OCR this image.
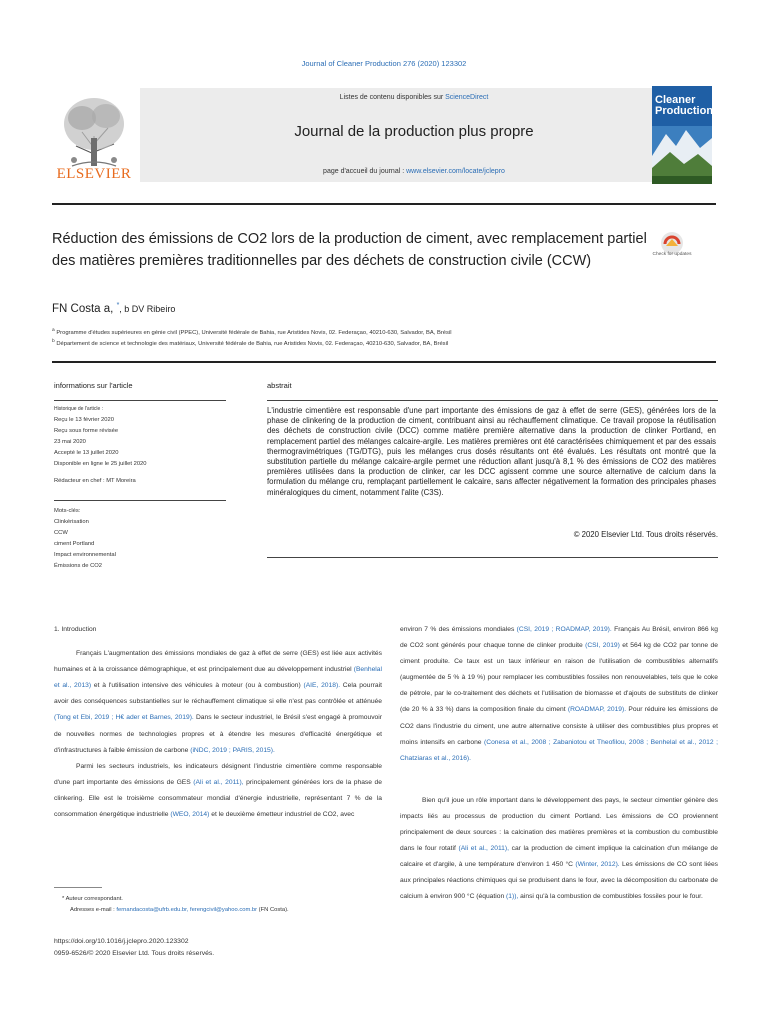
Journal of Cleaner Production 276 (2020) 123302
ELSEVIER
Listes de contenu disponibles sur ScienceDirect
Journal de la production plus propre
page d'accueil du journal : www.elsevier.com/locate/jclepro
Cleaner Production
Réduction des émissions de CO2 lors de la production de ciment, avec remplacement partiel des matières premières traditionnelles par des déchets de construction civile (CCW)	Check for updates
FN Costa a, *, b DV Ribeiro
$^a$ Programme d'études supérieures en génie civil (PPEC), Université fédérale de Bahia, rue Aristides Novis, 02. Federaçao, 40210-630, Salvador, BA, Brésil
$^b$ Département de science et technologie des matériaux, Université fédérale de Bahia, rue Aristides Novis, 02. Federaçao, 40210-630, Salvador, BA, Brésil
informations sur l'article
Historique de l'article :
Reçu le 13 février 2020
Reçu sous forme révisée
23 mai 2020
Accepté le 13 juillet 2020
Disponible en ligne le 25 juillet 2020
Rédacteur en chef : MT Moreira
Mots-clés:
Clinkérisation
CCW
ciment Portland
Impact environnemental
Émissions de CO2
abstrait
L'industrie cimentière est responsable d'une part importante des émissions de gaz à effet de serre (GES), générées lors de la phase de clinkering de la production de ciment, contribuant ainsi au réchauffement climatique. Ce travail propose la réutilisation des déchets de construction civile (DCC) comme matière première alternative dans la production de clinker Portland, en remplacement partiel des mélanges calcaire-argile. Les matières premières ont été caractérisées chimiquement et par des essais thermogravimétriques (TG/DTG), puis les mélanges crus dosés résultants ont été évalués. Les résultats ont montré que la substitution partielle du mélange calcaire-argile permet une réduction allant jusqu'à 8,1 % des émissions de CO2 des matières premières utilisées dans la production de clinker, car les DCC agissent comme une source alternative de calcium dans la formulation du mélange cru, remplaçant partiellement le calcaire, sans affecter négativement la formation des principales phases minéralogiques du ciment, notamment l'alite (C3S).
© 2020 Elsevier Ltd. Tous droits réservés.

1. Introduction

Français L'augmentation des émissions mondiales de gaz à effet de serre (GES) est liée aux activités humaines et à la croissance démographique, et est principalement due au développement industriel (Benhelal et al., 2013) et à l'utilisation intensive des véhicules à moteur (ou à combustion) (AIE, 2018). Cela pourrait avoir des conséquences substantielles sur le réchauffement climatique si elle n'est pas contrôlée et atténuée (Tong et Ebi, 2019 ; H€ ader et Barnes, 2019). Dans le secteur industriel, le Brésil s'est engagé à promouvoir de nouvelles normes de technologies propres et à étendre les mesures d'efficacité énergétique et d'infrastructures à faible émission de carbone (iNDC, 2019 ; PARIS, 2015).

Parmi les secteurs industriels, les indicateurs désignent l'industrie cimentière comme responsable d'une part importante des émissions de GES (Ali et al., 2011), principalement générées lors de la phase de clinkering. Elle est le troisième consommateur mondial d'énergie industrielle, représentant 7 % de la consommation énergétique industrielle (WEO, 2014) et le deuxième émetteur industriel de CO2, avec

environ 7 % des émissions mondiales (CSI, 2019 ; ROADMAP, 2019). Français Au Brésil, environ 866 kg de CO2 sont générés pour chaque tonne de clinker produite (CSI, 2019) et 564 kg de CO2 par tonne de ciment produite. Ce taux est un taux inférieur en raison de l'utilisation de combustibles alternatifs (augmentée de 5 % à 19 %) pour remplacer les combustibles fossiles non renouvelables, tels que le coke de pétrole, par le co-traitement des déchets et l'utilisation de biomasse et d'ajouts de substituts de clinker (de 20 % à 33 %) dans la composition finale du ciment (ROADMAP, 2019). Pour réduire les émissions de CO2 dans l'industrie du ciment, une autre alternative consiste à utiliser des combustibles plus propres et moins intensifs en carbone (Conesa et al., 2008 ; Zabaniotou et Theofilou, 2008 ; Benhelal et al., 2012 ; Chatziaras et al., 2016).

Bien qu'il joue un rôle important dans le développement des pays, le secteur cimentier génère des impacts liés au processus de production du ciment Portland. Les émissions de CO proviennent principalement de deux sources : la calcination des matières premières et la combustion du combustible dans le four rotatif (Ali et al., 2011), car la production de ciment implique la calcination d'un mélange de calcaire et d'argile, à une température d'environ 1 450 °C (Winter, 2012). Les émissions de CO sont liées aux principales réactions chimiques qui se produisent dans le four, avec la décomposition du carbonate de calcium à environ 900 °C (équation (1)), ainsi qu'à la combustion de combustibles fossiles pour le four.

* Auteur correspondant.
Adresses e-mail : fernandacosta@ufrb.edu.br, ferengcivil@yahoo.com.br (FN Costa).
https://doi.org/10.1016/j.jclepro.2020.123302
0959-6526/© 2020 Elsevier Ltd. Tous droits réservés.
